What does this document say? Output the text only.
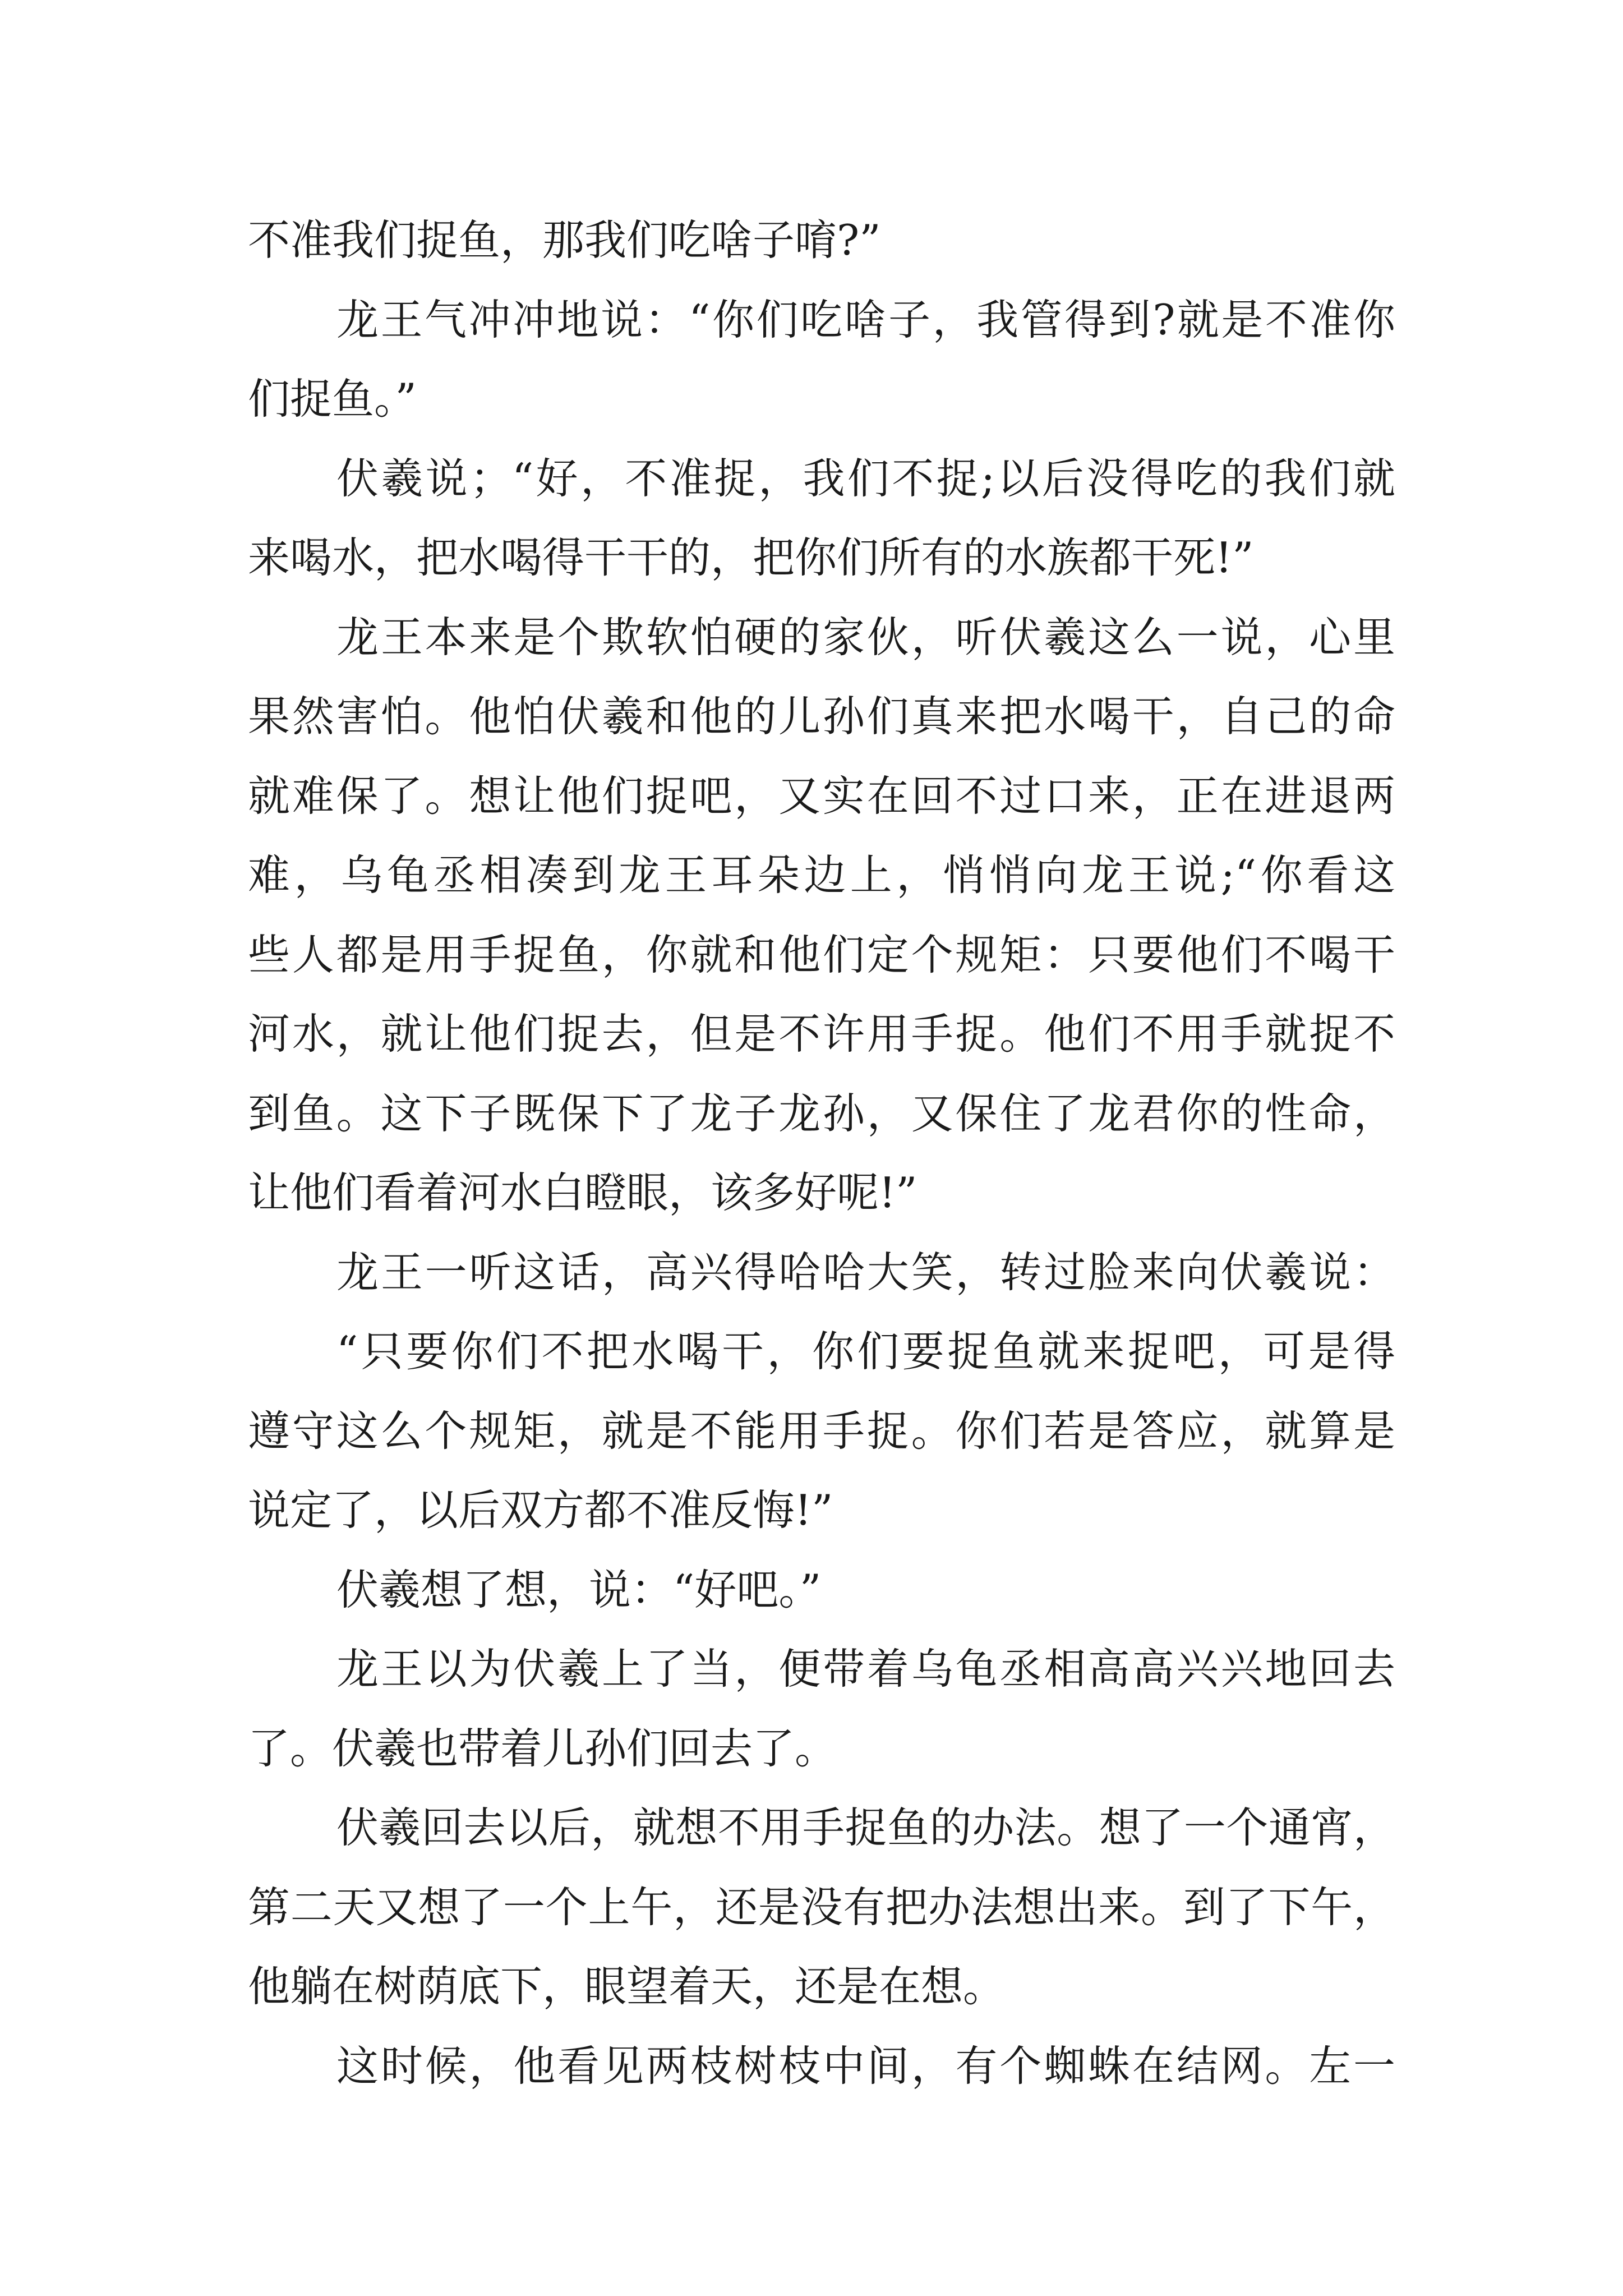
不准我们捉鱼，那我们吃啥子唷?”
龙王气冲冲地说：“你们吃啥子，我管得到?就是不准你
们捉鱼。”
伏羲说；“好，不准捉，我们不捉;以后没得吃的我们就
来喝水，把水喝得干干的，把你们所有的水族都干死!”
龙王本来是个欺软怕硬的家伙，听伏羲这么一说，心里
果然害怕。他怕伏羲和他的儿孙们真来把水喝干，自己的命
就难保了。想让他们捉吧，又实在回不过口来，正在进退两
难，乌龟丞相凑到龙王耳朵边上，悄悄向龙王说;“你看这
些人都是用手捉鱼，你就和他们定个规矩：只要他们不喝干
河水，就让他们捉去，但是不许用手捉。他们不用手就捉不
到鱼。这下子既保下了龙子龙孙，又保住了龙君你的性命，
让他们看着河水白瞪眼，该多好呢!”
龙王一听这话，高兴得哈哈大笑，转过脸来向伏羲说：
“只要你们不把水喝干，你们要捉鱼就来捉吧，可是得
遵守这么个规矩，就是不能用手捉。你们若是答应，就算是
说定了，以后双方都不准反悔!”
伏羲想了想，说：“好吧。”
龙王以为伏羲上了当，便带着乌龟丞相高高兴兴地回去
了。伏羲也带着儿孙们回去了。
伏羲回去以后，就想不用手捉鱼的办法。想了一个通宵，
第二天又想了一个上午，还是没有把办法想出来。到了下午，
他躺在树荫底下，眼望着天，还是在想。
这时候，他看见两枝树枝中间，有个蜘蛛在结网。左一
